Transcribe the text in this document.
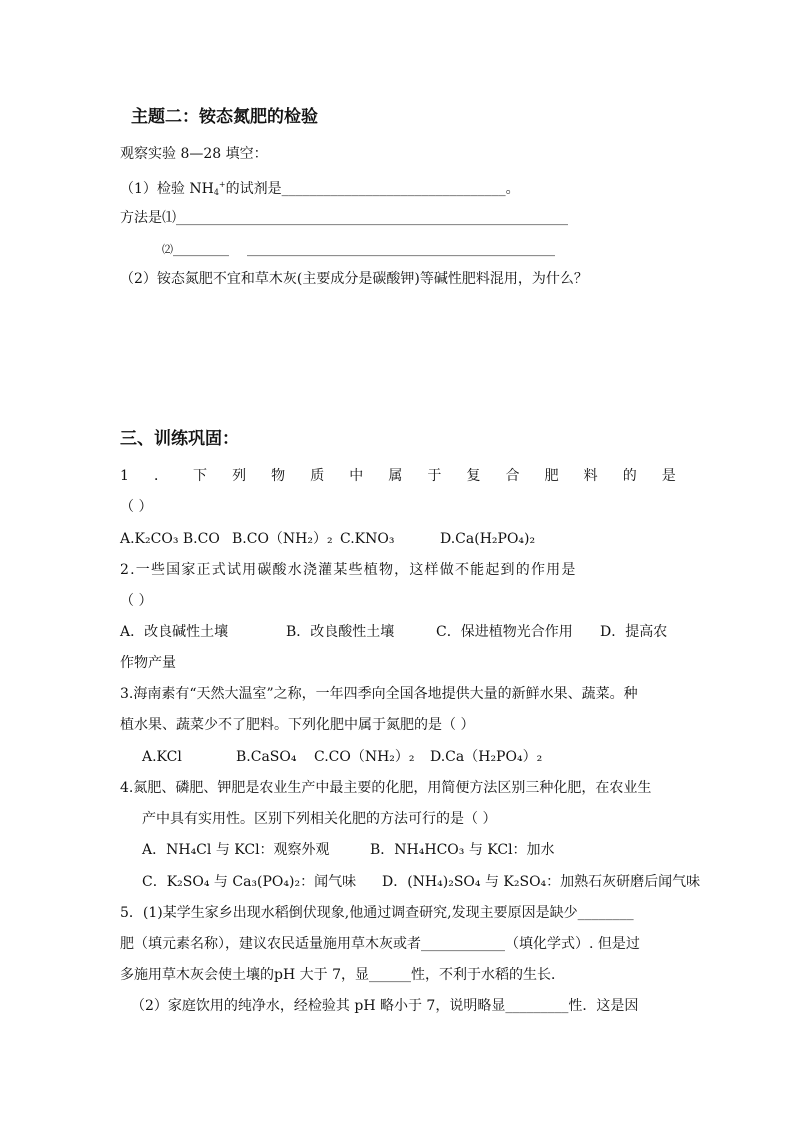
主题二：铵态氮肥的检验
观察实验 8—28 填空：
（1）检验 $NH_4^+$的试剂是________________________________。
方法是⑴________________________________________________________
⑵________ ____________________________________________
（2）铵态氮肥不宜和草木灰(主要成分是碳酸钾)等碱性肥料混用，为什么？
三、训练巩固：
1 ． 下 列 物 质 中 属 于 复 合 肥 料 的 是
（ ）
A.K₂CO₃ B.CO B.CO（NH₂）₂ C.KNO₃	D.Ca(H₂PO₄)₂
2.一些国家正式试用碳酸水浇灌某些植物，这样做不能起到的作用是
（ ）
A．改良碱性土壤	B．改良酸性土壤	C．保进植物光合作用 D．提高农
作物产量
3.海南素有“天然大温室”之称，一年四季向全国各地提供大量的新鲜水果、蔬菜。种
植水果、蔬菜少不了肥料。下列化肥中属于氮肥的是（ ）
A.KCl	B.CaSO₄ C.CO（NH₂）₂ D.Ca（H₂PO₄）₂
4.氮肥、磷肥、钾肥是农业生产中最主要的化肥，用简便方法区别三种化肥，在农业生
产中具有实用性。区别下列相关化肥的方法可行的是（ ）
A．NH₄Cl 与 KCl：观察外观	B．NH₄HCO₃ 与 KCl：加水
C．K₂SO₄ 与 Ca₃(PO₄)₂：闻气味 D．(NH₄)₂SO₄ 与 K₂SO₄：加熟石灰研磨后闻气味
5．(1)某学生家乡出现水稻倒伏现象,他通过调查研究,发现主要原因是缺少________
肥（填元素名称），建议农民适量施用草木灰或者____________（填化学式）. 但是过
多施用草木灰会使土壤的pH 大于 7，显______性，不利于水稻的生长．
（2）家庭饮用的纯净水，经检验其 pH 略小于 7，说明略显_________性．这是因
